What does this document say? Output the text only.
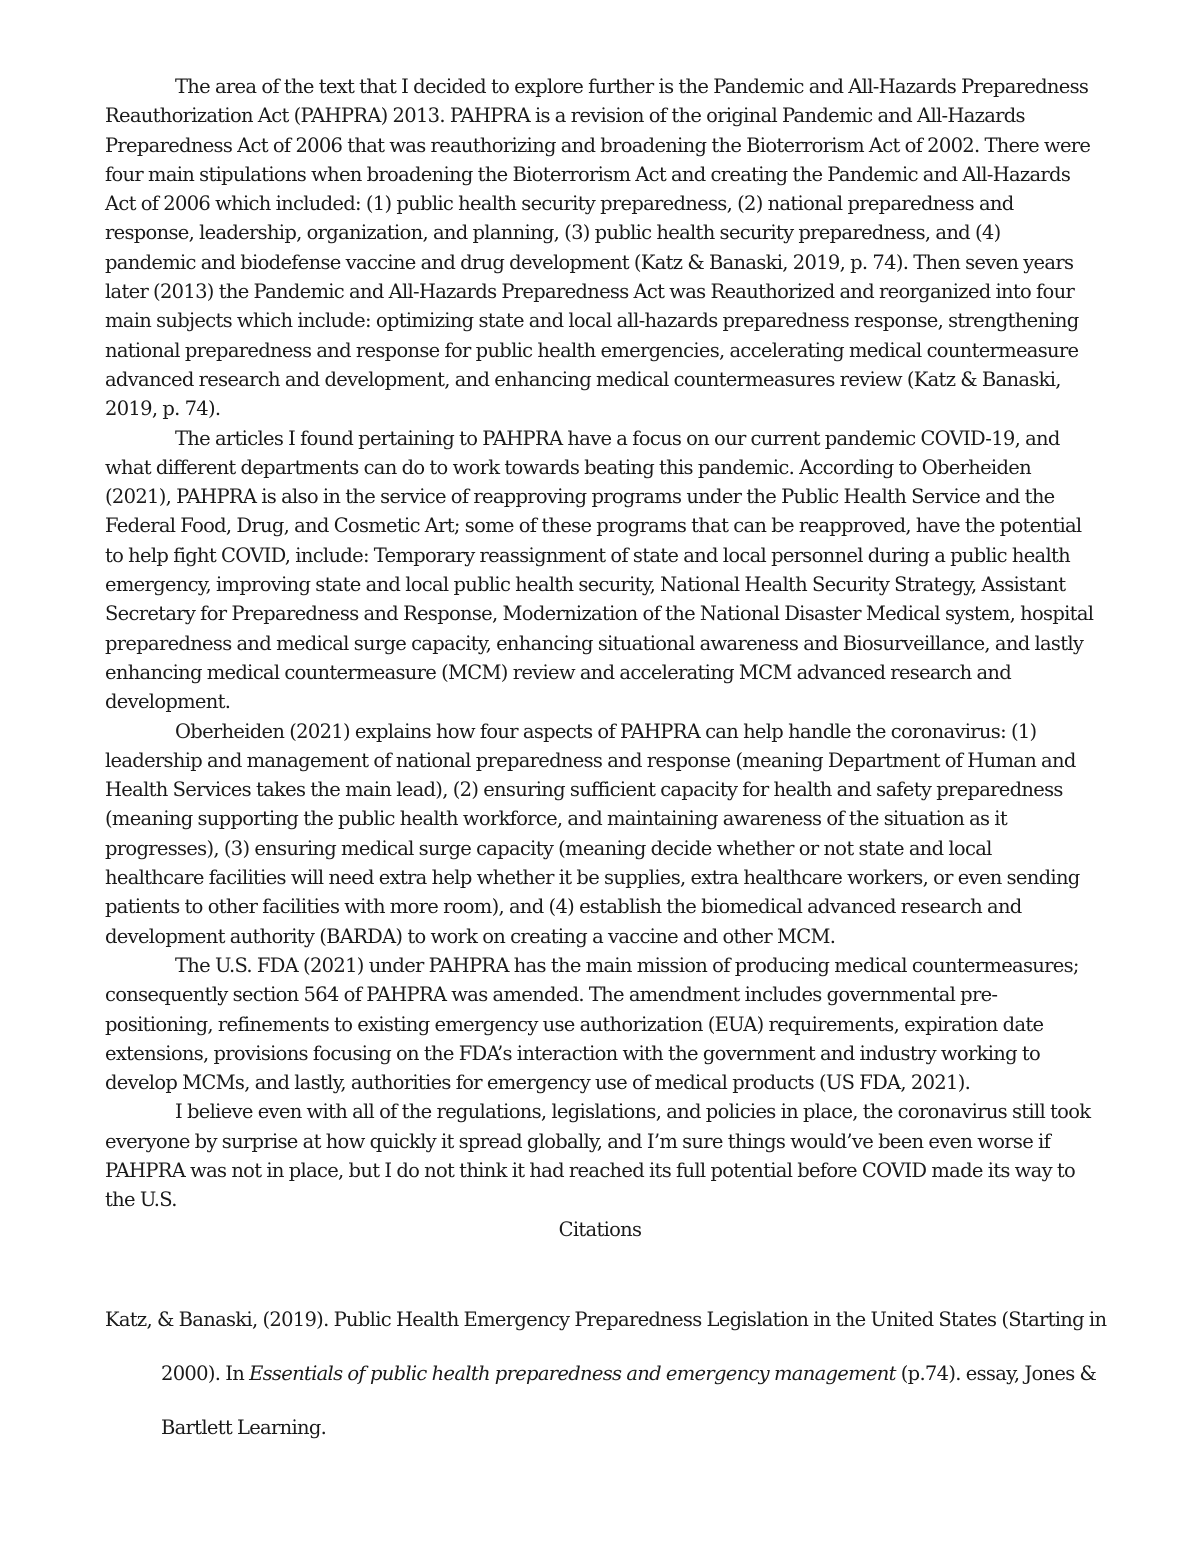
The area of the text that I decided to explore further is the Pandemic and All-Hazards Preparedness Reauthorization Act (PAHPRA) 2013. PAHPRA is a revision of the original Pandemic and All-Hazards Preparedness Act of 2006 that was reauthorizing and broadening the Bioterrorism Act of 2002. There were four main stipulations when broadening the Bioterrorism Act and creating the Pandemic and All-Hazards Act of 2006 which included: (1) public health security preparedness, (2) national preparedness and response, leadership, organization, and planning, (3) public health security preparedness, and (4) pandemic and biodefense vaccine and drug development (Katz & Banaski, 2019, p. 74). Then seven years later (2013) the Pandemic and All-Hazards Preparedness Act was Reauthorized and reorganized into four main subjects which include: optimizing state and local all-hazards preparedness response, strengthening national preparedness and response for public health emergencies, accelerating medical countermeasure advanced research and development, and enhancing medical countermeasures review (Katz & Banaski, 2019, p. 74).

The articles I found pertaining to PAHPRA have a focus on our current pandemic COVID-19, and what different departments can do to work towards beating this pandemic. According to Oberheiden (2021), PAHPRA is also in the service of reapproving programs under the Public Health Service and the Federal Food, Drug, and Cosmetic Art; some of these programs that can be reapproved, have the potential to help fight COVID, include: Temporary reassignment of state and local personnel during a public health emergency, improving state and local public health security, National Health Security Strategy, Assistant Secretary for Preparedness and Response, Modernization of the National Disaster Medical system, hospital preparedness and medical surge capacity, enhancing situational awareness and Biosurveillance, and lastly enhancing medical countermeasure (MCM) review and accelerating MCM advanced research and development.

Oberheiden (2021) explains how four aspects of PAHPRA can help handle the coronavirus: (1) leadership and management of national preparedness and response (meaning Department of Human and Health Services takes the main lead), (2) ensuring sufficient capacity for health and safety preparedness (meaning supporting the public health workforce, and maintaining awareness of the situation as it progresses), (3) ensuring medical surge capacity (meaning decide whether or not state and local healthcare facilities will need extra help whether it be supplies, extra healthcare workers, or even sending patients to other facilities with more room), and (4) establish the biomedical advanced research and development authority (BARDA) to work on creating a vaccine and other MCM.

The U.S. FDA (2021) under PAHPRA has the main mission of producing medical countermeasures; consequently section 564 of PAHPRA was amended. The amendment includes governmental pre-positioning, refinements to existing emergency use authorization (EUA) requirements, expiration date extensions, provisions focusing on the FDA’s interaction with the government and industry working to develop MCMs, and lastly, authorities for emergency use of medical products (US FDA, 2021).

I believe even with all of the regulations, legislations, and policies in place, the coronavirus still took everyone by surprise at how quickly it spread globally, and I’m sure things would’ve been even worse if PAHPRA was not in place, but I do not think it had reached its full potential before COVID made its way to the U.S.

Citations

Katz, & Banaski, (2019). Public Health Emergency Preparedness Legislation in the United States (Starting in 2000). In Essentials of public health preparedness and emergency management (p.74). essay, Jones & Bartlett Learning.
